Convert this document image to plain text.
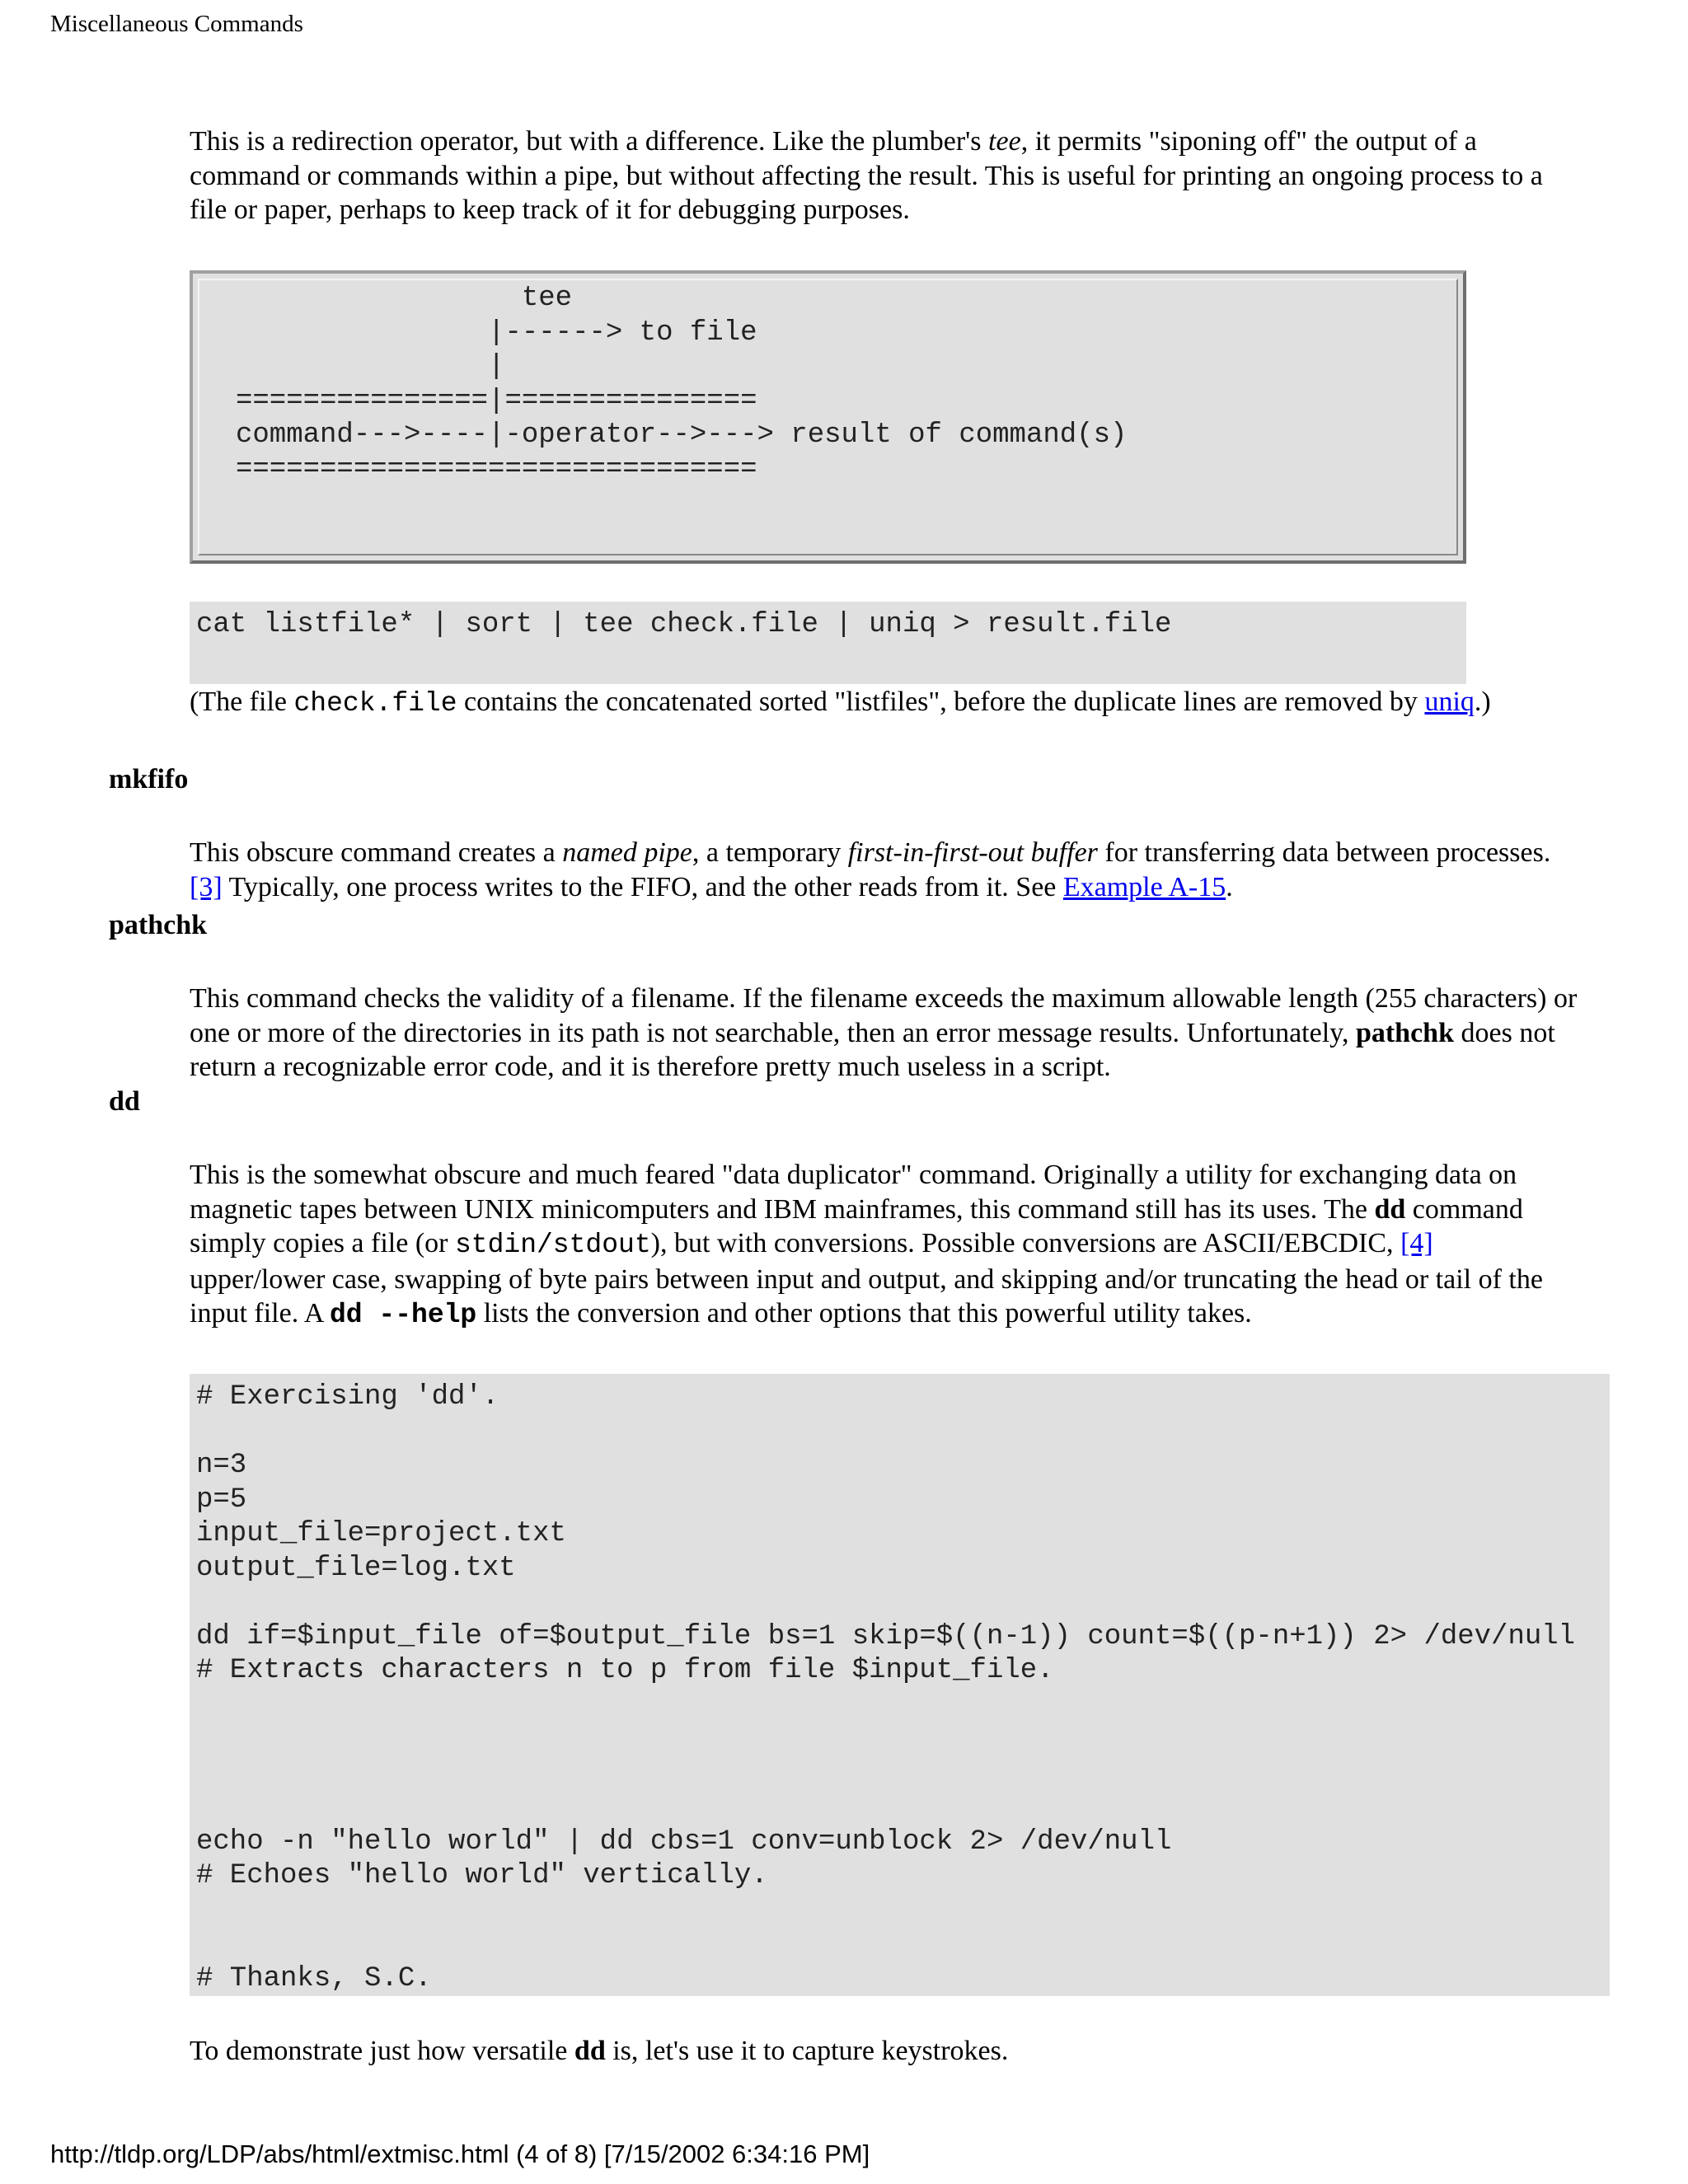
Miscellaneous Commands
This is a redirection operator, but with a difference. Like the plumber's tee, it permits "siponing off" the output of a
command or commands within a pipe, but without affecting the result. This is useful for printing an ongoing process to a
file or paper, perhaps to keep track of it for debugging purposes.
tee
|------> to file
|
===============|===============
command--->----|-operator-->---> result of command(s)
===============================
cat listfile* | sort | tee check.file | uniq > result.file
(The file check.file contains the concatenated sorted "listfiles", before the duplicate lines are removed by uniq.)
mkfifo
This obscure command creates a named pipe, a temporary first-in-first-out buffer for transferring data between processes.
[3] Typically, one process writes to the FIFO, and the other reads from it. See Example A-15.
pathchk
This command checks the validity of a filename. If the filename exceeds the maximum allowable length (255 characters) or
one or more of the directories in its path is not searchable, then an error message results. Unfortunately, pathchk does not
return a recognizable error code, and it is therefore pretty much useless in a script.
dd
This is the somewhat obscure and much feared "data duplicator" command. Originally a utility for exchanging data on
magnetic tapes between UNIX minicomputers and IBM mainframes, this command still has its uses. The dd command
simply copies a file (or stdin/stdout), but with conversions. Possible conversions are ASCII/EBCDIC, [4]
upper/lower case, swapping of byte pairs between input and output, and skipping and/or truncating the head or tail of the
input file. A dd --help lists the conversion and other options that this powerful utility takes.
# Exercising 'dd'.

n=3
p=5
input_file=project.txt
output_file=log.txt

dd if=$input_file of=$output_file bs=1 skip=$((n-1)) count=$((p-n+1)) 2> /dev/null
# Extracts characters n to p from file $input_file.

echo -n "hello world" | dd cbs=1 conv=unblock 2> /dev/null
# Echoes "hello world" vertically.

# Thanks, S.C.
To demonstrate just how versatile dd is, let's use it to capture keystrokes.
http://tldp.org/LDP/abs/html/extmisc.html (4 of 8) [7/15/2002 6:34:16 PM]
